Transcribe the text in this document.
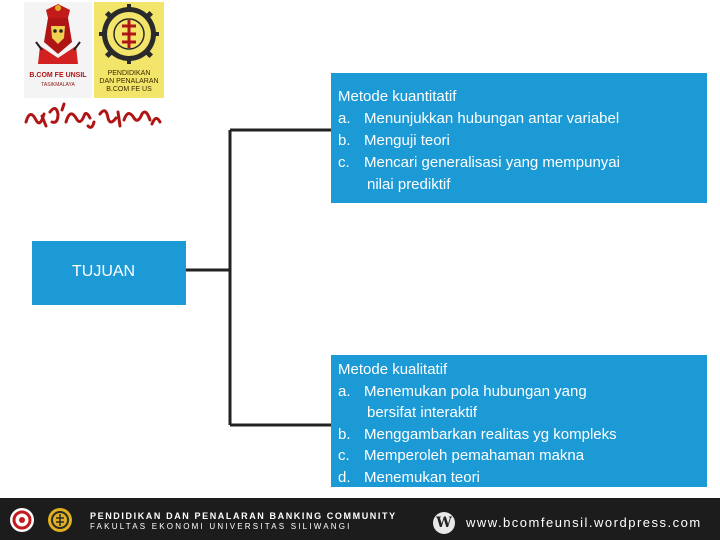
B.COM FE UNSIL
TASIKMALAYA
PENDIDIKAN
DAN PENALARAN
B.COM FE US
TUJUAN
Metode kuantitatif
a. Menunjukkan hubungan antar variabel
b. Menguji teori
c. Mencari generalisasi yang mempunyai
nilai prediktif
Metode kualitatif
a. Menemukan pola hubungan yang
bersifat interaktif
b. Menggambarkan realitas yg kompleks
c. Memperoleh pemahaman makna
d. Menemukan teori
PENDIDIKAN DAN PENALARAN BANKING COMMUNITY
FAKULTAS EKONOMI UNIVERSITAS SILIWANGI	W www.bcomfeunsil.wordpress.com
